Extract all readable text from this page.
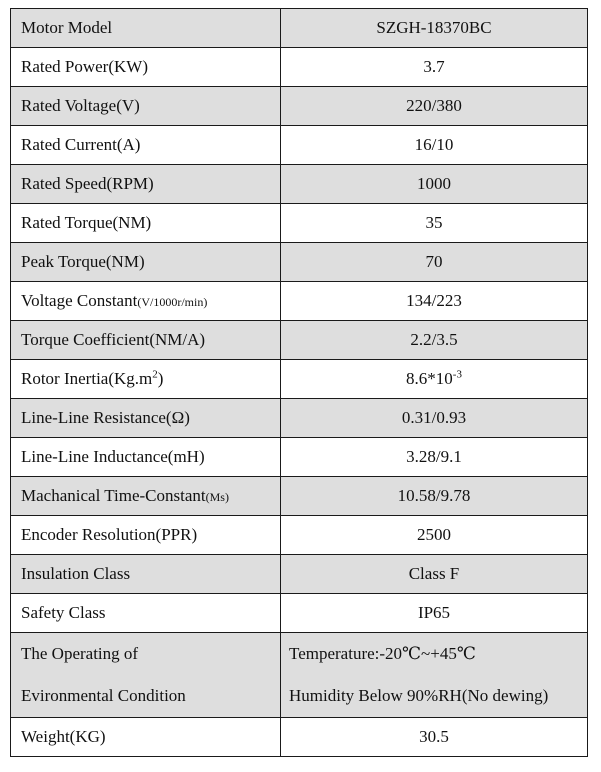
Motor Model	SZGH-18370BC
Rated Power(KW)	3.7
Rated Voltage(V)	220/380
Rated Current(A)	16/10
Rated Speed(RPM)	1000
Rated Torque(NM)	35
Peak Torque(NM)	70
Voltage Constant(V/1000r/min)	134/223
Torque Coefficient(NM/A)	2.2/3.5
Rotor $Inertia(Kg.m^2)$	$8.6*10^{-3}$
Line-Line Resistance(Ω)	0.31/0.93
Line-Line Inductance(mH)	3.28/9.1
Machanical Time-Constant(Ms)	10.58/9.78
Encoder Resolution(PPR)	2500
Insulation Class	Class F
Safety Class	IP65

The Operating of
Evironmental Condition	Temperature:-20℃~+45℃
Humidity Below 90%RH(No dewing)

Weight(KG)	30.5
